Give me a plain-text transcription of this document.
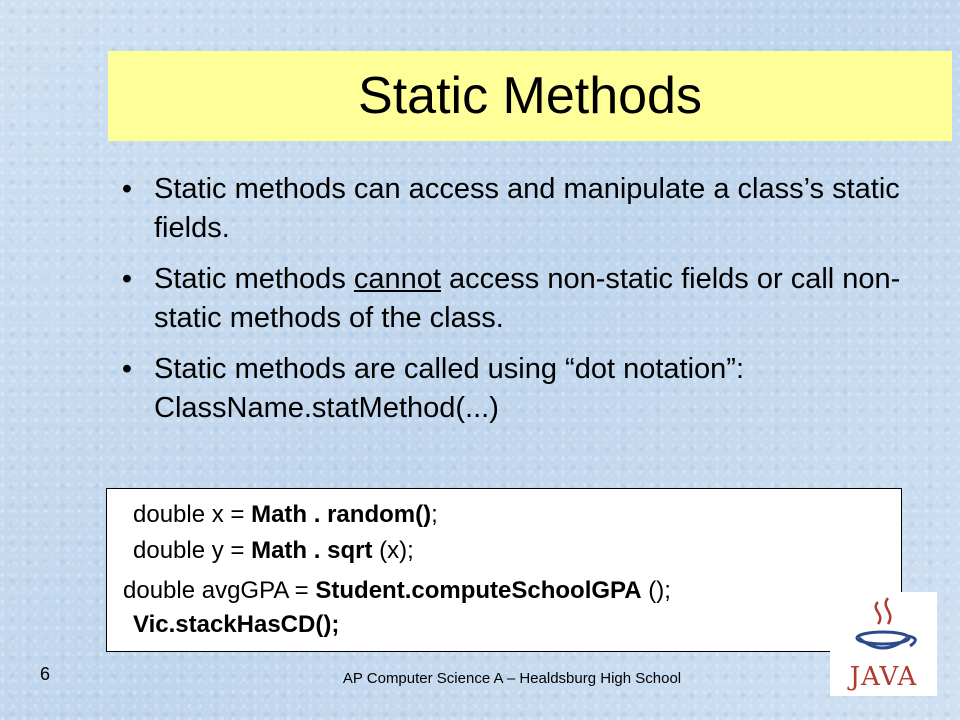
Static Methods
• Static methods can access and manipulate a class’s static fields.
• Static methods cannot access non-static fields or call non-static methods of the class.
• Static methods are called using “dot notation”: ClassName.statMethod(...)
double x = Math . random();
double y = Math . sqrt (x);
double avgGPA = Student.computeSchoolGPA ();
Vic.stackHasCD();
6	AP Computer Science A – Healdsburg High School	JAVA
